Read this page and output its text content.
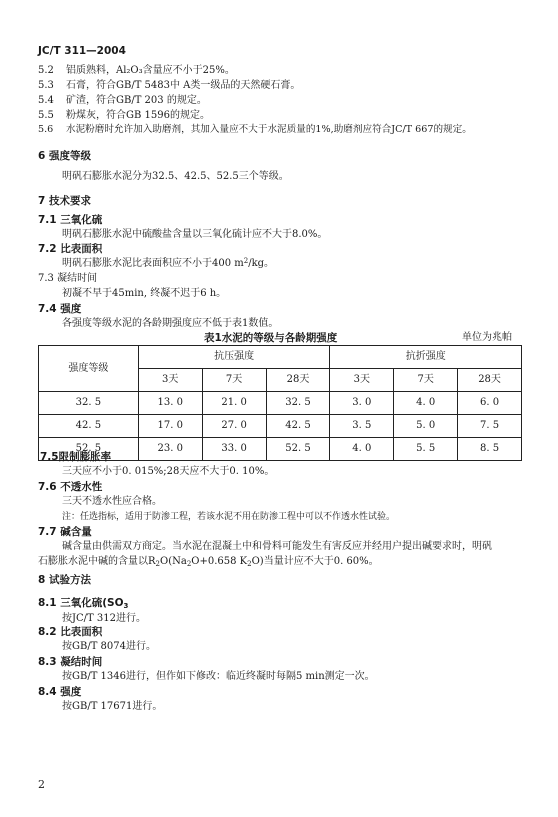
JC/T 311—2004
5.2 铝质熟料，Al₂O₃含量应不小于25%。
5.3 石膏，符合GB/T 5483中 A类一级品的天然硬石膏。
5.4 矿渣，符合GB/T 203 的规定。
5.5 粉煤灰，符合GB 1596的规定。
5.6 水泥粉磨时允许加入助磨剂，其加入量应不大于水泥质量的1%,助磨剂应符合JC/T 667的规定。
6 强度等级
明矾石膨胀水泥分为32.5、42.5、52.5三个等级。
7 技术要求
7.1 三氧化硫
明矾石膨胀水泥中硫酸盐含量以三氧化硫计应不大于8.0%。
7.2 比表面积
明矾石膨胀水泥比表面积应不小于400 $m^2/kg$。
7.3 凝结时间
初凝不早于45min, 终凝不迟于6 h。
7.4 强度
各强度等级水泥的各龄期强度应不低于表1数值。
表1水泥的等级与各龄期强度	单位为兆帕
强度等级	抗压强度			抗折强度		
	3天	7天	28天	3天	7天	28天
32. 5	13. 0	21. 0	32. 5	3. 0	4. 0	6. 0
42. 5	17. 0	27. 0	42. 5	3. 5	5. 0	7. 5
52. 5	23. 0	33. 0	52. 5	4. 0	5. 5	8. 5
7.5限制膨胀率
三天应不小于0. 015%;28天应不大于0. 10%。
7.6 不透水性
三天不透水性应合格。
注：任选指标，适用于防渗工程，若该水泥不用在防渗工程中可以不作透水性试验。
7.7 碱含量
碱含量由供需双方商定。当水泥在混凝土中和骨料可能发生有害反应并经用户提出碱要求时，明矾
石膨胀水泥中碱的含量以$R_2O(Na_2O+0.658$ $K_2O$)当量计应不大于0. 60%。
8 试验方法
8.1 三氧化硫($SO_3$
按JC/T 312进行。
8.2 比表面积
按GB/T 8074进行。
8.3 凝结时间
按GB/T 1346进行，但作如下修改：临近终凝时每隔5 min测定一次。
8.4 强度
按GB/T 17671进行。
2
